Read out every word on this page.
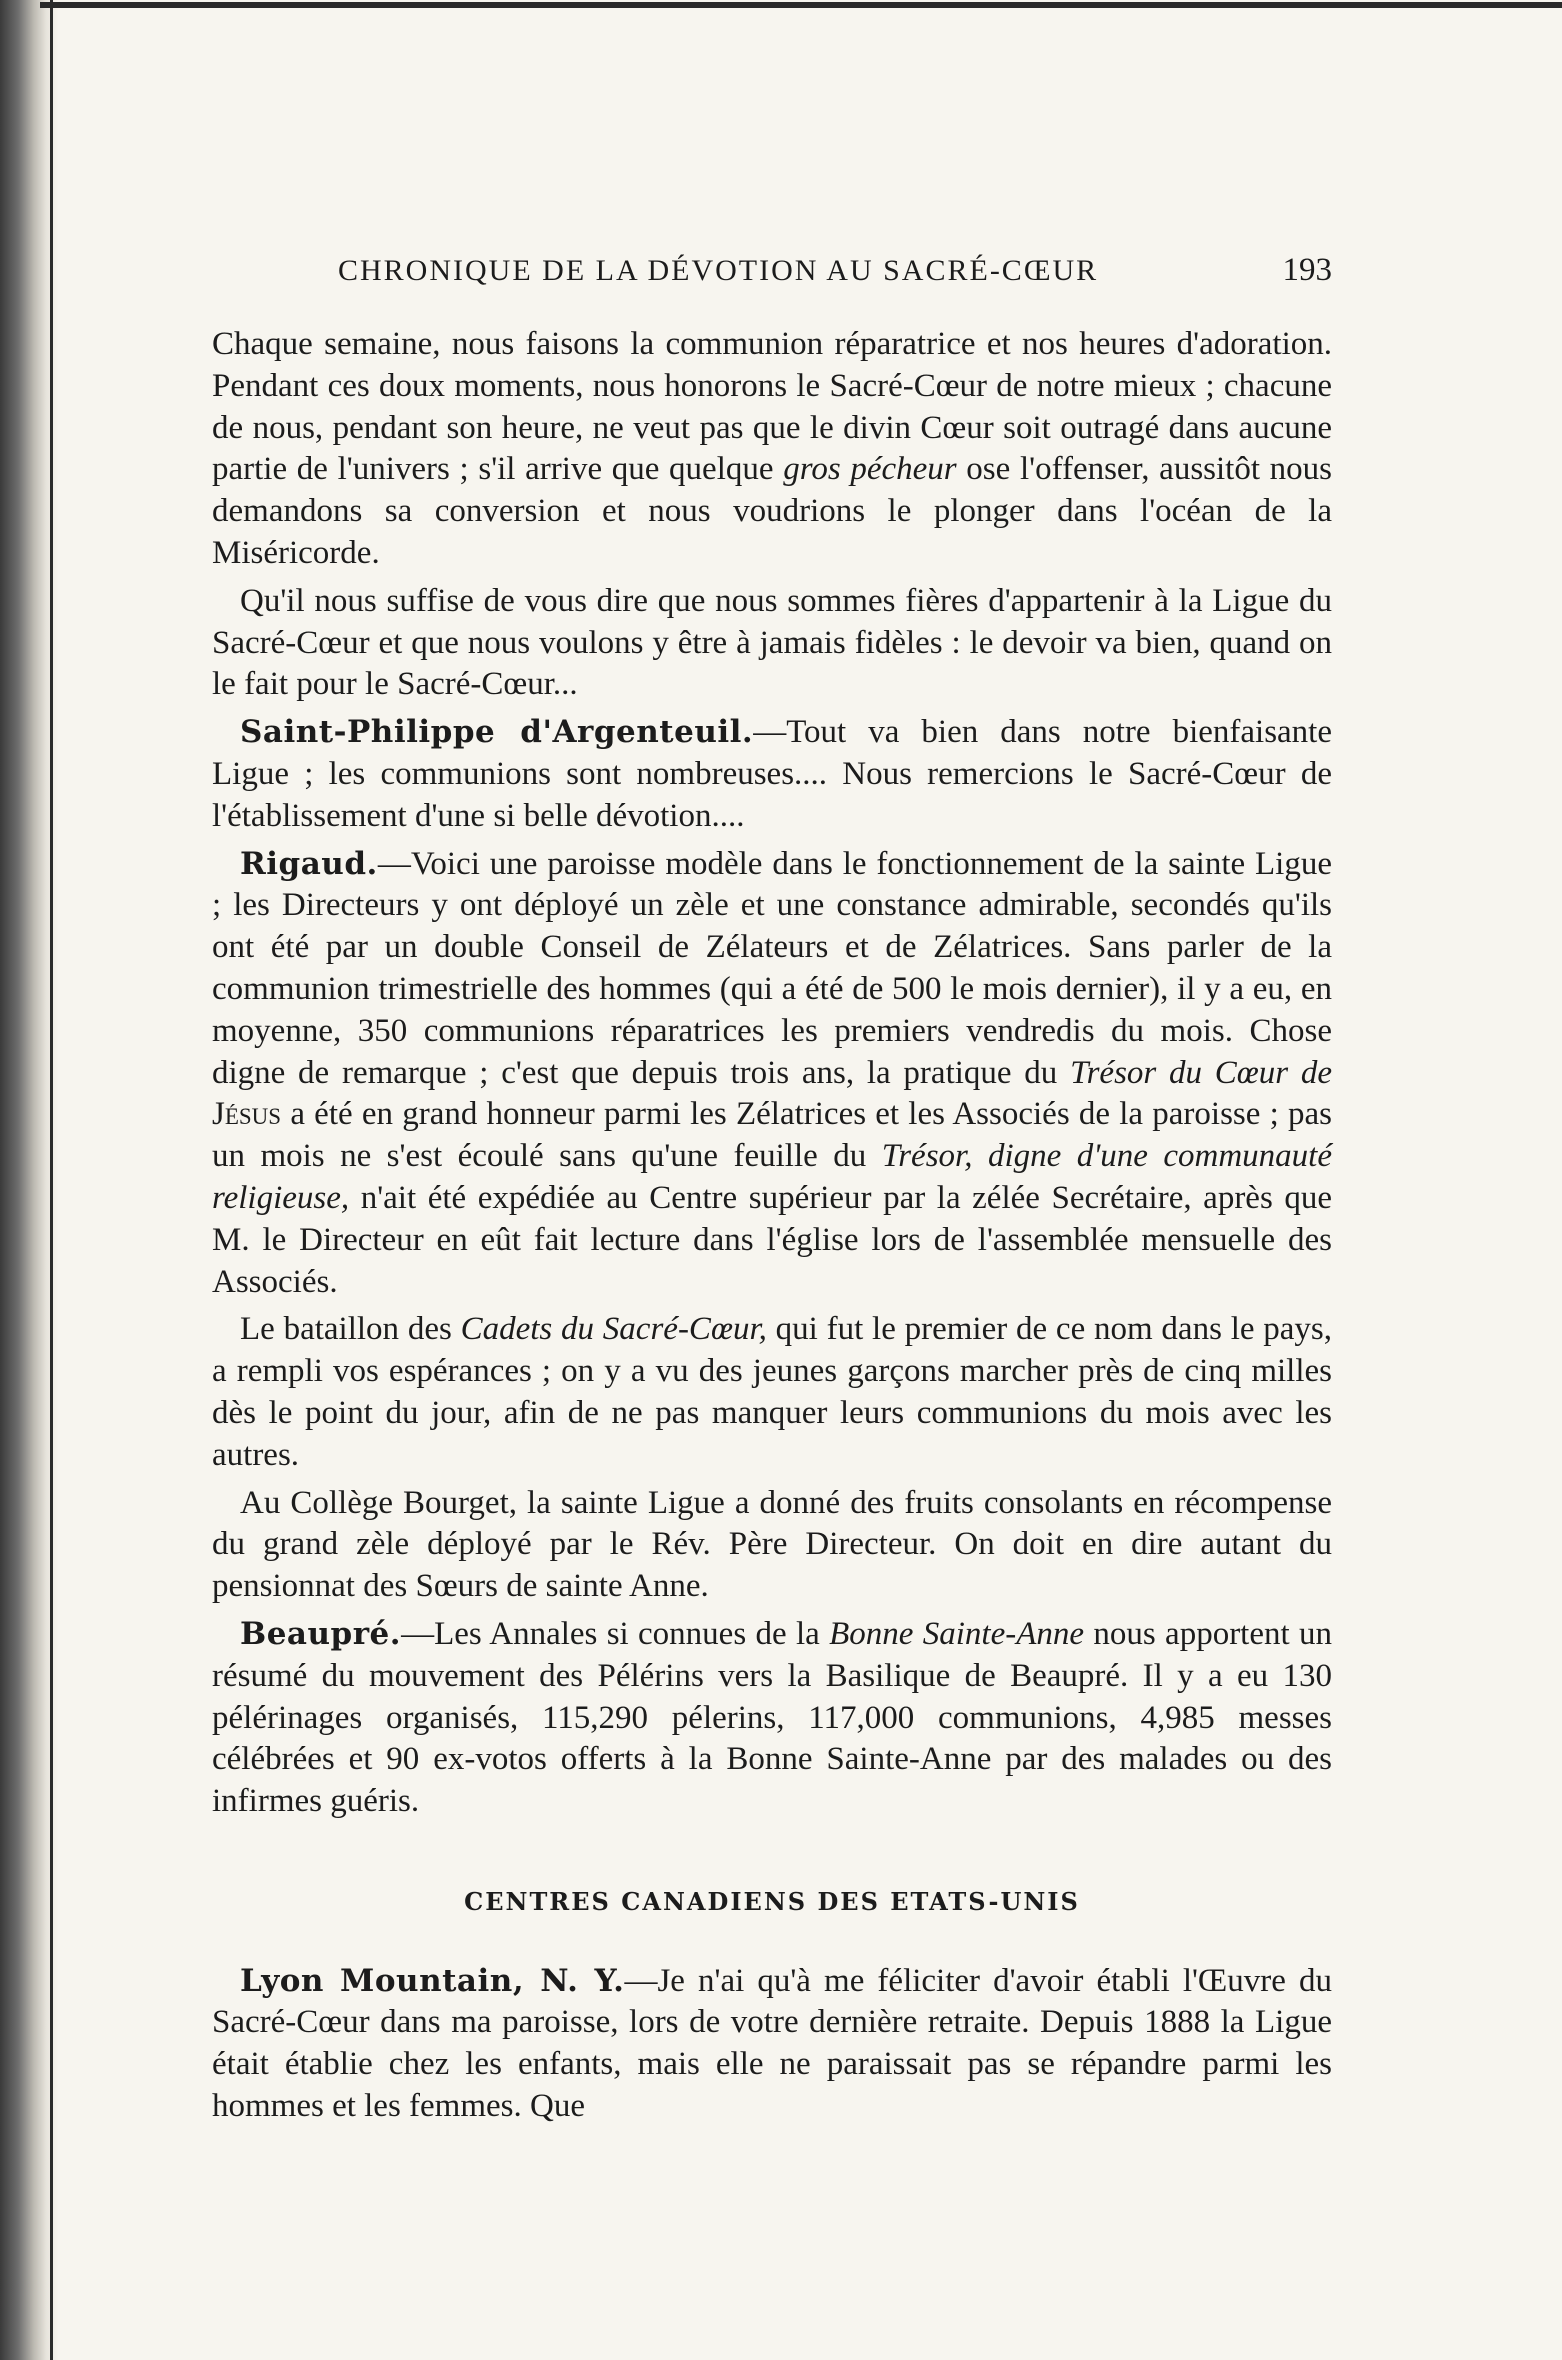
CHRONIQUE DE LA DÉVOTION AU SACRÉ-CŒUR	193

Chaque semaine, nous faisons la communion réparatrice et nos heures d'adoration. Pendant ces doux moments, nous honorons le Sacré-Cœur de notre mieux ; chacune de nous, pendant son heure, ne veut pas que le divin Cœur soit outragé dans aucune partie de l'univers ; s'il arrive que quelque gros pécheur ose l'offenser, aussitôt nous demandons sa conversion et nous voudrions le plonger dans l'océan de la Miséricorde.

Qu'il nous suffise de vous dire que nous sommes fières d'appartenir à la Ligue du Sacré-Cœur et que nous voulons y être à jamais fidèles : le devoir va bien, quand on le fait pour le Sacré-Cœur...

Saint-Philippe d'Argenteuil.—Tout va bien dans notre bienfaisante Ligue ; les communions sont nombreuses.... Nous remercions le Sacré-Cœur de l'établissement d'une si belle dévotion....

Rigaud.—Voici une paroisse modèle dans le fonctionnement de la sainte Ligue ; les Directeurs y ont déployé un zèle et une constance admirable, secondés qu'ils ont été par un double Conseil de Zélateurs et de Zélatrices. Sans parler de la communion trimestrielle des hommes (qui a été de 500 le mois dernier), il y a eu, en moyenne, 350 communions réparatrices les premiers vendredis du mois. Chose digne de remarque ; c'est que depuis trois ans, la pratique du Trésor du Cœur de Jésus a été en grand honneur parmi les Zélatrices et les Associés de la paroisse ; pas un mois ne s'est écoulé sans qu'une feuille du Trésor, digne d'une communauté religieuse, n'ait été expédiée au Centre supérieur par la zélée Secrétaire, après que M. le Directeur en eût fait lecture dans l'église lors de l'assemblée mensuelle des Associés.

Le bataillon des Cadets du Sacré-Cœur, qui fut le premier de ce nom dans le pays, a rempli vos espérances ; on y a vu des jeunes garçons marcher près de cinq milles dès le point du jour, afin de ne pas manquer leurs communions du mois avec les autres.

Au Collège Bourget, la sainte Ligue a donné des fruits consolants en récompense du grand zèle déployé par le Rév. Père Directeur. On doit en dire autant du pensionnat des Sœurs de sainte Anne.

Beaupré.—Les Annales si connues de la Bonne Sainte-Anne nous apportent un résumé du mouvement des Pélérins vers la Basilique de Beaupré. Il y a eu 130 pélérinages organisés, 115,290 pélerins, 117,000 communions, 4,985 messes célébrées et 90 ex-votos offerts à la Bonne Sainte-Anne par des malades ou des infirmes guéris.

CENTRES CANADIENS DES ETATS-UNIS

Lyon Mountain, N. Y.—Je n'ai qu'à me féliciter d'avoir établi l'Œuvre du Sacré-Cœur dans ma paroisse, lors de votre dernière retraite. Depuis 1888 la Ligue était établie chez les enfants, mais elle ne paraissait pas se répandre parmi les hommes et les femmes. Que
